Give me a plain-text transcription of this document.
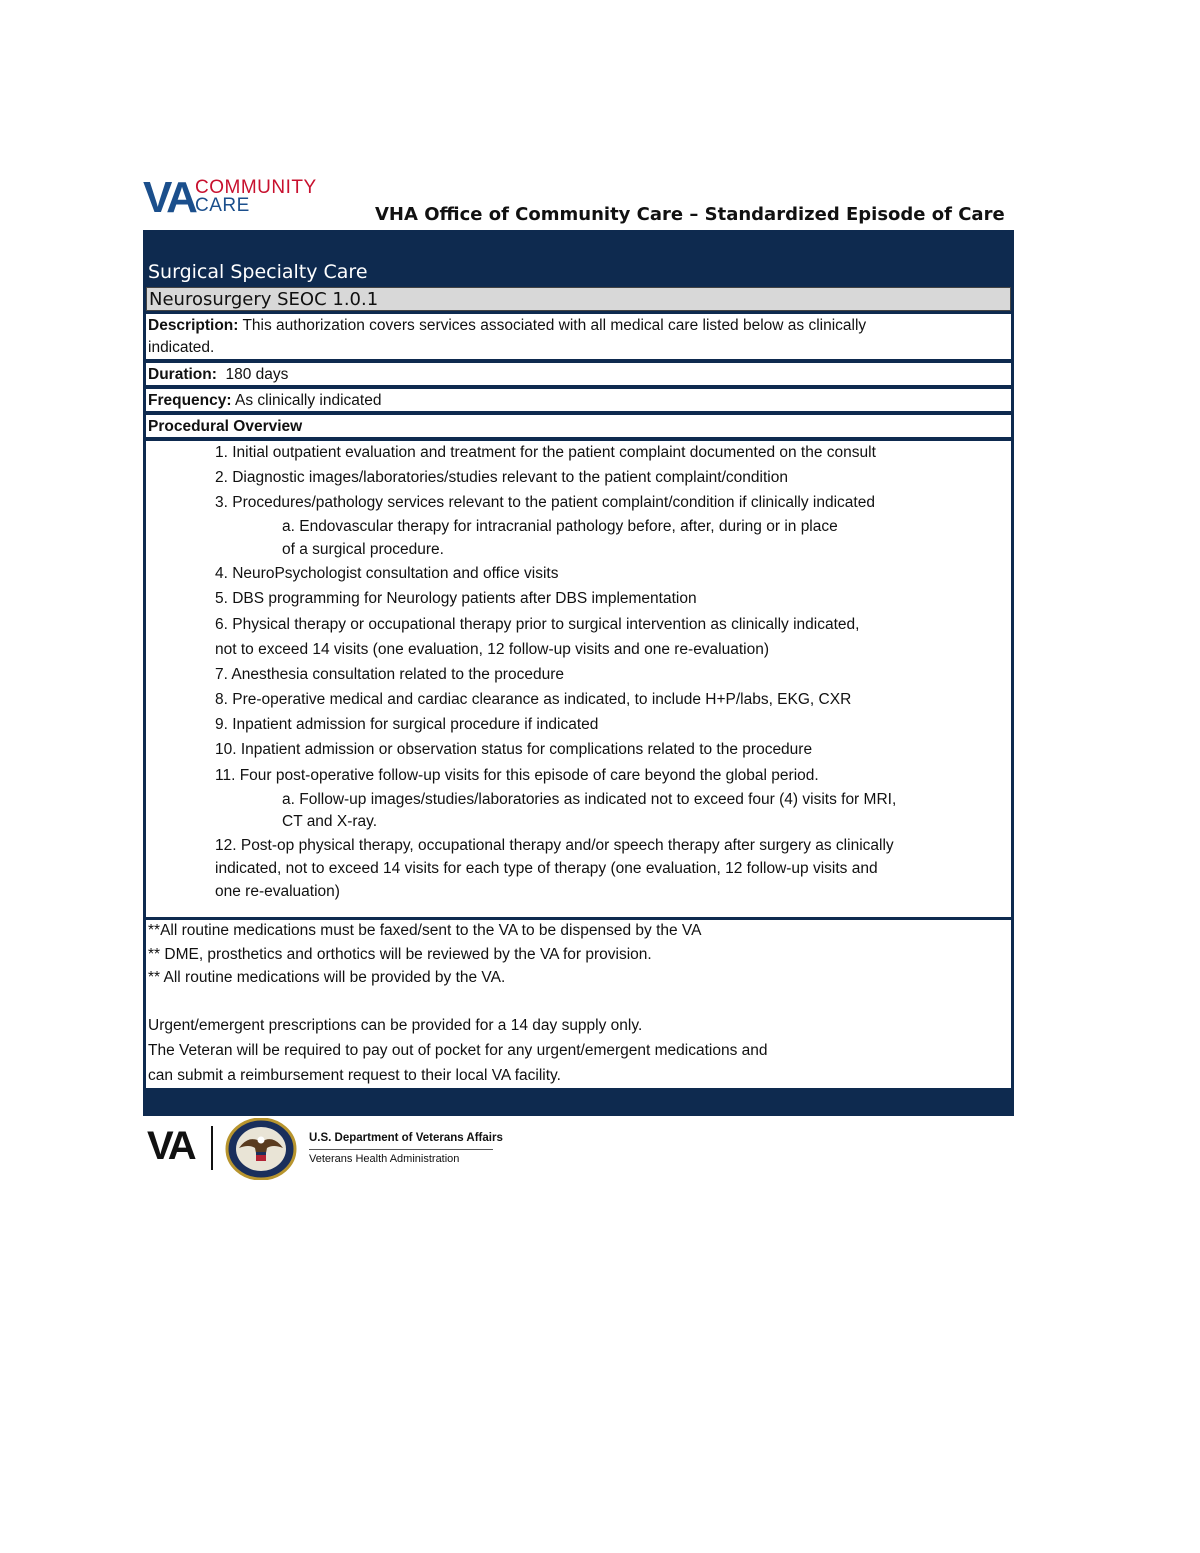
VA COMMUNITY
CARE	VHA Office of Community Care – Standardized Episode of Care
Surgical Specialty Care
Neurosurgery SEOC 1.0.1
Description: This authorization covers services associated with all medical care listed below as clinically
indicated.
Duration: 180 days
Frequency: As clinically indicated
Procedural Overview
1. Initial outpatient evaluation and treatment for the patient complaint documented on the consult
2. Diagnostic images/laboratories/studies relevant to the patient complaint/condition
3. Procedures/pathology services relevant to the patient complaint/condition if clinically indicated
a. Endovascular therapy for intracranial pathology before, after, during or in place
of a surgical procedure.
4. NeuroPsychologist consultation and office visits
5. DBS programming for Neurology patients after DBS implementation
6. Physical therapy or occupational therapy prior to surgical intervention as clinically indicated,
not to exceed 14 visits (one evaluation, 12 follow-up visits and one re-evaluation)
7. Anesthesia consultation related to the procedure
8. Pre-operative medical and cardiac clearance as indicated, to include H+P/labs, EKG, CXR
9. Inpatient admission for surgical procedure if indicated
10. Inpatient admission or observation status for complications related to the procedure
11. Four post-operative follow-up visits for this episode of care beyond the global period.
a. Follow-up images/studies/laboratories as indicated not to exceed four (4) visits for MRI,
CT and X-ray.
12. Post-op physical therapy, occupational therapy and/or speech therapy after surgery as clinically
indicated, not to exceed 14 visits for each type of therapy (one evaluation, 12 follow-up visits and
one re-evaluation)
**All routine medications must be faxed/sent to the VA to be dispensed by the VA
** DME, prosthetics and orthotics will be reviewed by the VA for provision.
** All routine medications will be provided by the VA.
Urgent/emergent prescriptions can be provided for a 14 day supply only.
The Veteran will be required to pay out of pocket for any urgent/emergent medications and
can submit a reimbursement request to their local VA facility.
VA	U.S. Department of Veterans Affairs
Veterans Health Administration
